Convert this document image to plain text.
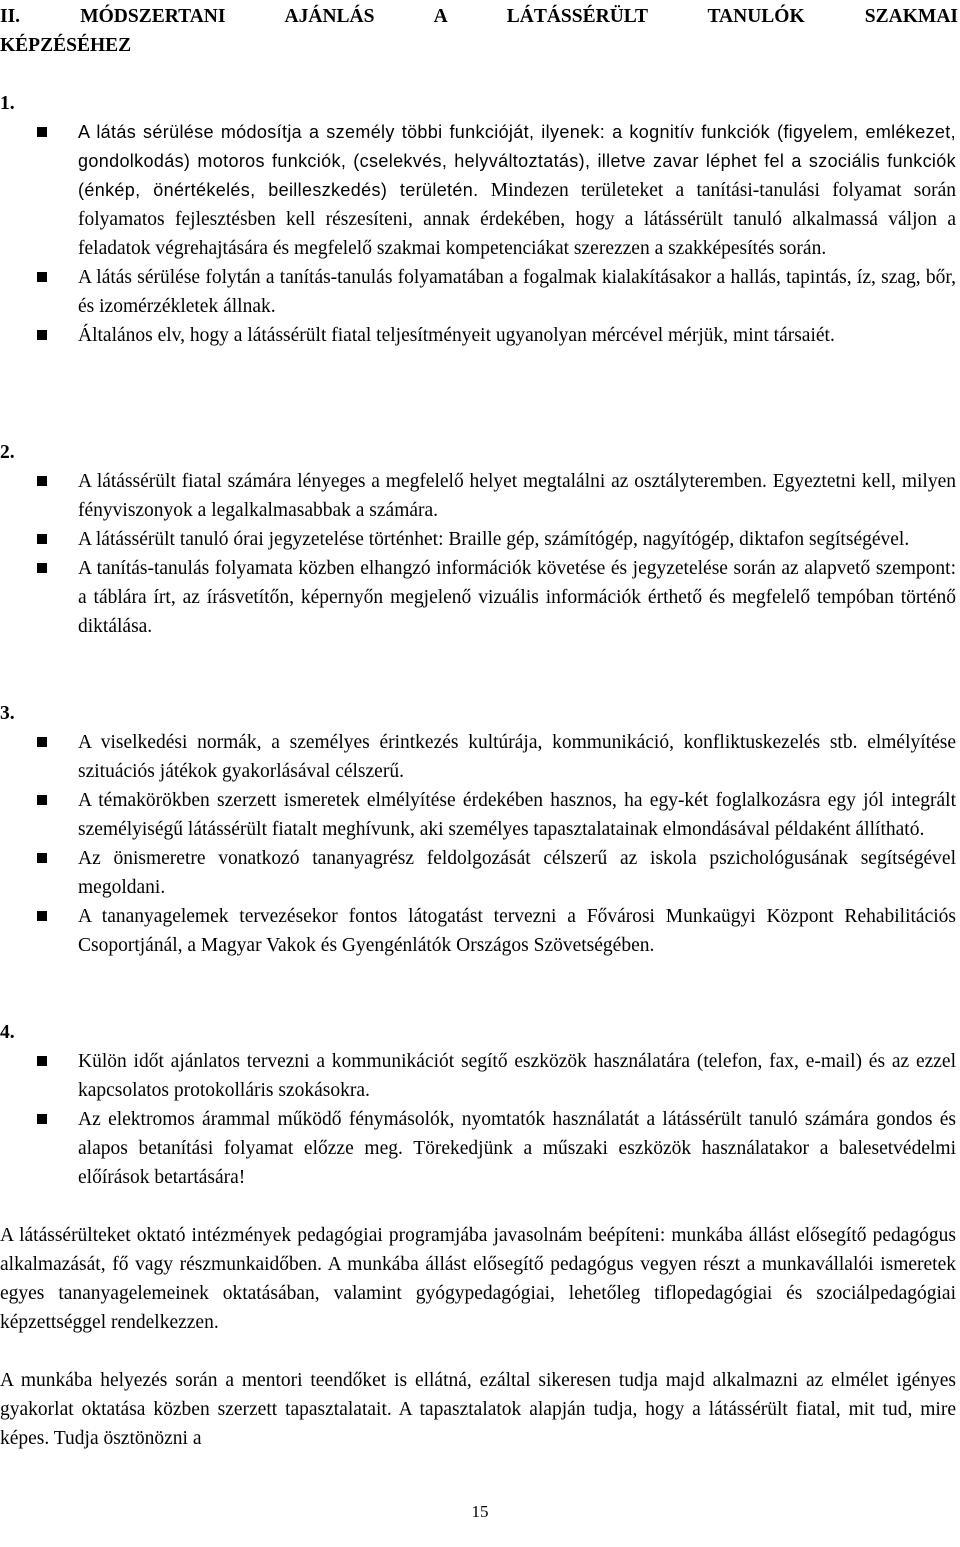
II. MÓDSZERTANI AJÁNLÁS A LÁTÁSSÉRÜLT TANULÓK SZAKMAI
KÉPZÉSÉHEZ
1.
A látás sérülése módosítja a személy többi funkcióját, ilyenek: a kognitív funkciók (figyelem, emlékezet, gondolkodás) motoros funkciók, (cselekvés, helyváltoztatás), illetve zavar léphet fel a szociális funkciók (énkép, önértékelés, beilleszkedés) területén. Mindezen területeket a tanítási-tanulási folyamat során folyamatos fejlesztésben kell részesíteni, annak érdekében, hogy a látássérült tanuló alkalmassá váljon a feladatok végrehajtására és megfelelő szakmai kompetenciákat szerezzen a szakképesítés során.
A látás sérülése folytán a tanítás-tanulás folyamatában a fogalmak kialakításakor a hallás, tapintás, íz, szag, bőr, és izomérzékletek állnak.
Általános elv, hogy a látássérült fiatal teljesítményeit ugyanolyan mércével mérjük, mint társaiét.
2.
A látássérült fiatal számára lényeges a megfelelő helyet megtalálni az osztályteremben. Egyeztetni kell, milyen fényviszonyok a legalkalmasabbak a számára.
A látássérült tanuló órai jegyzetelése történhet: Braille gép, számítógép, nagyítógép, diktafon segítségével.
A tanítás-tanulás folyamata közben elhangzó információk követése és jegyzetelése során az alapvető szempont: a táblára írt, az írásvetítőn, képernyőn megjelenő vizuális információk érthető és megfelelő tempóban történő diktálása.
3.
A viselkedési normák, a személyes érintkezés kultúrája, kommunikáció, konfliktuskezelés stb. elmélyítése szituációs játékok gyakorlásával célszerű.
A témakörökben szerzett ismeretek elmélyítése érdekében hasznos, ha egy-két foglalkozásra egy jól integrált személyiségű látássérült fiatalt meghívunk, aki személyes tapasztalatainak elmondásával példaként állítható.
Az önismeretre vonatkozó tananyagrész feldolgozását célszerű az iskola pszichológusának segítségével megoldani.
A tananyagelemek tervezésekor fontos látogatást tervezni a Fővárosi Munkaügyi Központ Rehabilitációs Csoportjánál, a Magyar Vakok és Gyengénlátók Országos Szövetségében.
4.
Külön időt ajánlatos tervezni a kommunikációt segítő eszközök használatára (telefon, fax, e-mail) és az ezzel kapcsolatos protokolláris szokásokra.
Az elektromos árammal működő fénymásolók, nyomtatók használatát a látássérült tanuló számára gondos és alapos betanítási folyamat előzze meg. Törekedjünk a műszaki eszközök használatakor a balesetvédelmi előírások betartására!

A látássérülteket oktató intézmények pedagógiai programjába javasolnám beépíteni: munkába állást elősegítő pedagógus alkalmazását, fő vagy részmunkaidőben. A munkába állást elősegítő pedagógus vegyen részt a munkavállalói ismeretek egyes tananyagelemeinek oktatásában, valamint gyógypedagógiai, lehetőleg tiflopedagógiai és szociálpedagógiai képzettséggel rendelkezzen.

A munkába helyezés során a mentori teendőket is ellátná, ezáltal sikeresen tudja majd alkalmazni az elmélet igényes gyakorlat oktatása közben szerzett tapasztalatait. A tapasztalatok alapján tudja, hogy a látássérült fiatal, mit tud, mire képes. Tudja ösztönözni a

15
